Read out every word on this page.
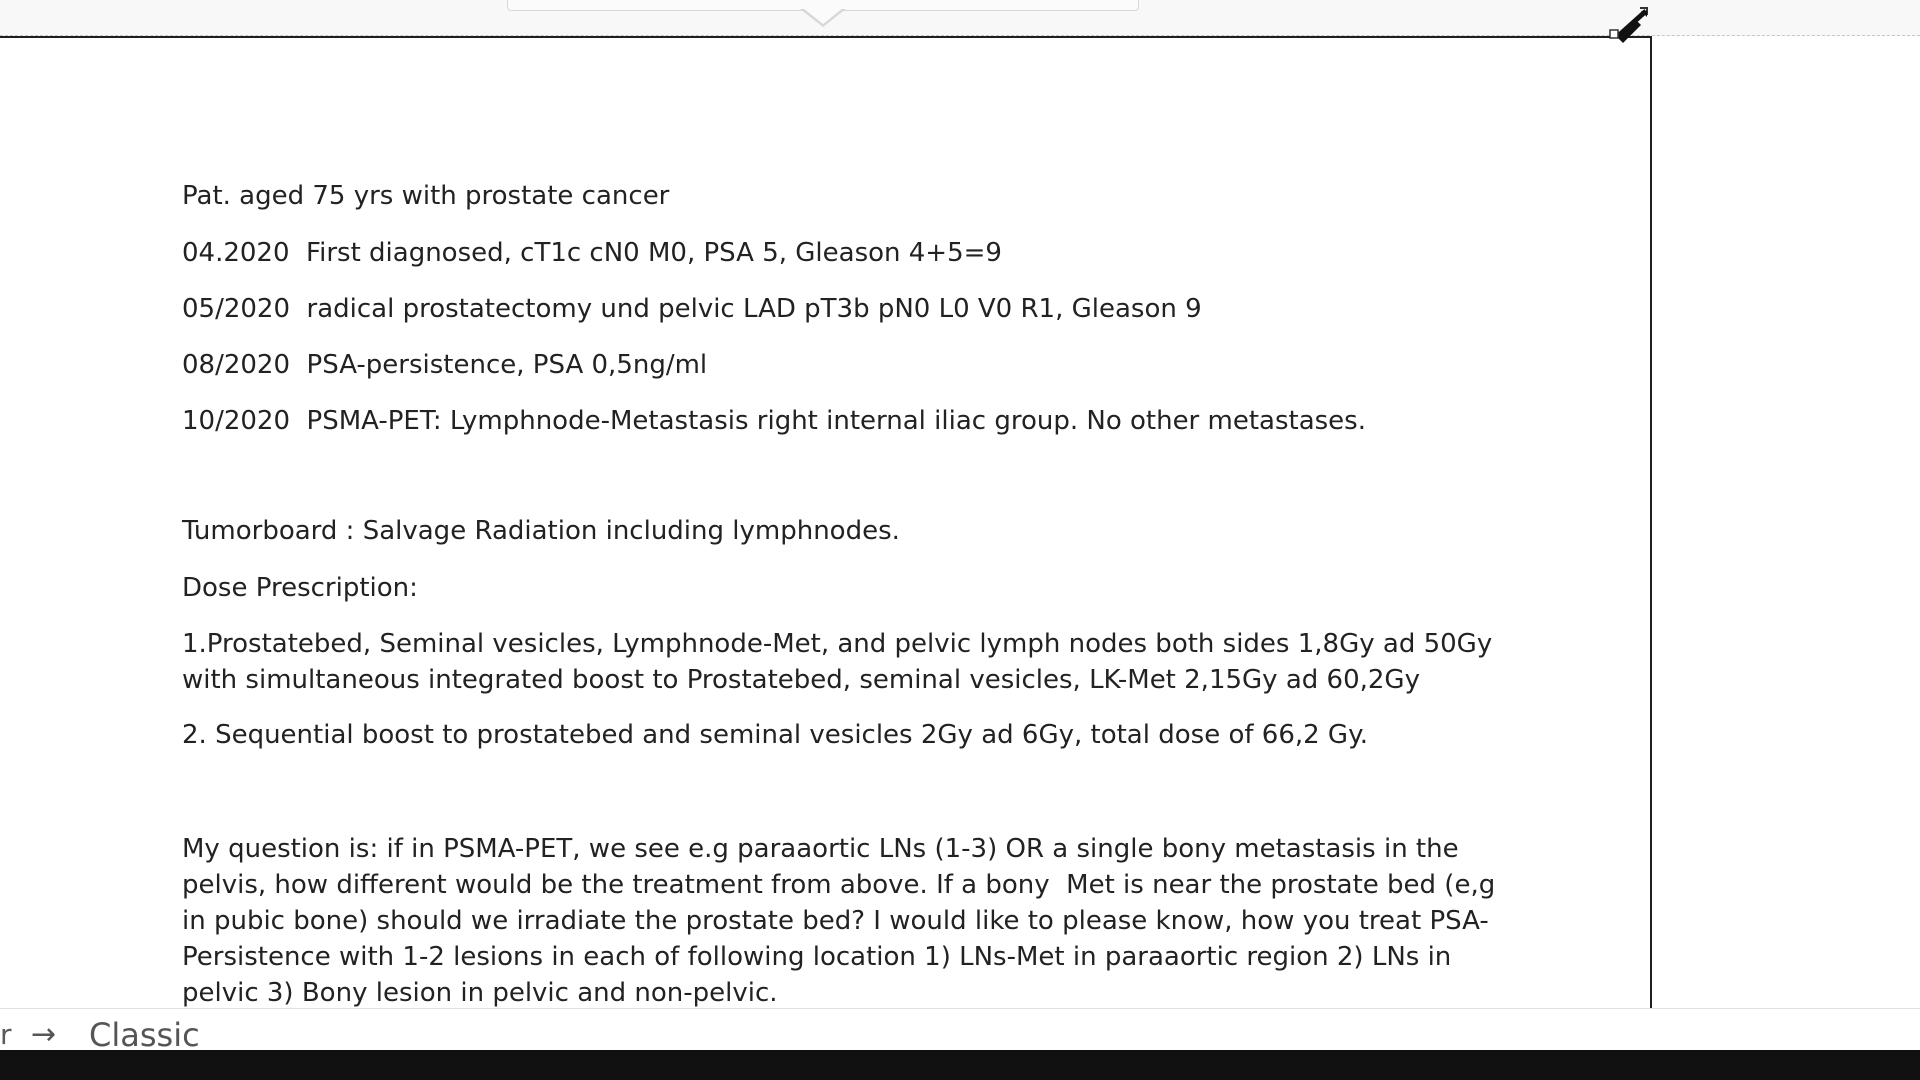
Pat. aged 75 yrs with prostate cancer

04.2020  First diagnosed, cT1c cN0 M0, PSA 5, Gleason 4+5=9

05/2020  radical prostatectomy und pelvic LAD pT3b pN0 L0 V0 R1, Gleason 9

08/2020  PSA-persistence, PSA 0,5ng/ml

10/2020  PSMA-PET: Lymphnode-Metastasis right internal iliac group. No other metastases.

Tumorboard : Salvage Radiation including lymphnodes.

Dose Prescription:

1.Prostatebed, Seminal vesicles, Lymphnode-Met, and pelvic lymph nodes both sides 1,8Gy ad 50Gy
with simultaneous integrated boost to Prostatebed, seminal vesicles, LK-Met 2,15Gy ad 60,2Gy

2. Sequential boost to prostatebed and seminal vesicles 2Gy ad 6Gy, total dose of 66,2 Gy.

My question is: if in PSMA-PET, we see e.g paraaortic LNs (1-3) OR a single bony metastasis in the
pelvis, how different would be the treatment from above. If a bony  Met is near the prostate bed (e,g
in pubic bone) should we irradiate the prostate bed? I would like to please know, how you treat PSA-
Persistence with 1-2 lesions in each of following location 1) LNs-Met in paraaortic region 2) LNs in
pelvic 3) Bony lesion in pelvic and non-pelvic.

r → Classic
